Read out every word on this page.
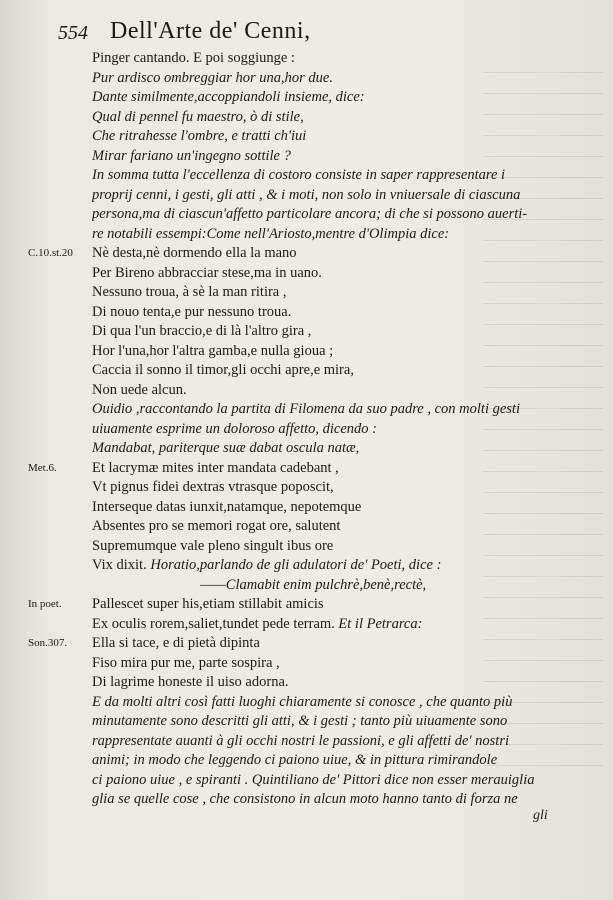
554 Dell'Arte de' Cenni,
C.10.st.20
Met.6.
In poet.
Son.307.
Pinger cantando. E poi soggiunge :
Pur ardisco ombreggiar hor una,hor due.
Dante similmente,accoppiandoli insieme, dice:
Qual di pennel fu maestro, ò di stile,
Che ritrahesse l'ombre, e tratti ch'iui
Mirar fariano un'ingegno sottile ?
In somma tutta l'eccellenza di costoro consiste in saper rappresentare i
proprij cenni, i gesti, gli atti , & i moti, non solo in vniuersale di ciascuna
persona,ma di ciascun'affetto particolare ancora; di che si possono auerti-
re notabili essempi:Come nell'Ariosto,mentre d'Olimpia dice:
Nè desta,nè dormendo ella la mano
Per Bireno abbracciar stese,ma in uano.
Nessuno troua, à sè la man ritira ,
Di nouo tenta,e pur nessuno troua.
Di qua l'un braccio,e di là l'altro gira ,
Hor l'una,hor l'altra gamba,e nulla gioua ;
Caccia il sonno il timor,gli occhi apre,e mira,
Non uede alcun.
Ouidio ,raccontando la partita di Filomena da suo padre , con molti gesti
uiuamente esprime un doloroso affetto, dicendo :
Mandabat, pariterque suæ dabat oscula natæ,
Et lacrymæ mites inter mandata cadebant ,
Vt pignus fidei dextras vtrasque poposcit,
Interseque datas iunxit,natamque, nepotemque
Absentes pro se memori rogat ore, salutent
Supremumque vale pleno singult ibus ore
Vix dixit. Horatio,parlando de gli adulatori de' Poeti, dice :
——Clamabit enim pulchrè,benè,rectè,
Pallescet super his,etiam stillabit amicis
Ex oculis rorem,saliet,tundet pede terram. Et il Petrarca:
Ella si tace, e di pietà dipinta
Fiso mira pur me, parte sospira ,
Di lagrime honeste il uiso adorna.
E da molti altri così fatti luoghi chiaramente si conosce , che quanto più
minutamente sono descritti gli atti, & i gesti ; tanto più uiuamente sono
rappresentate auanti à gli occhi nostri le passioni, e gli affetti de' nostri
animi; in modo che leggendo ci paiono uiue, & in pittura rimirandole
ci paiono uiue , e spiranti . Quintiliano de' Pittori dice non esser merauiglia
glia se quelle cose , che consistono in alcun moto hanno tanto di forza ne
gli
